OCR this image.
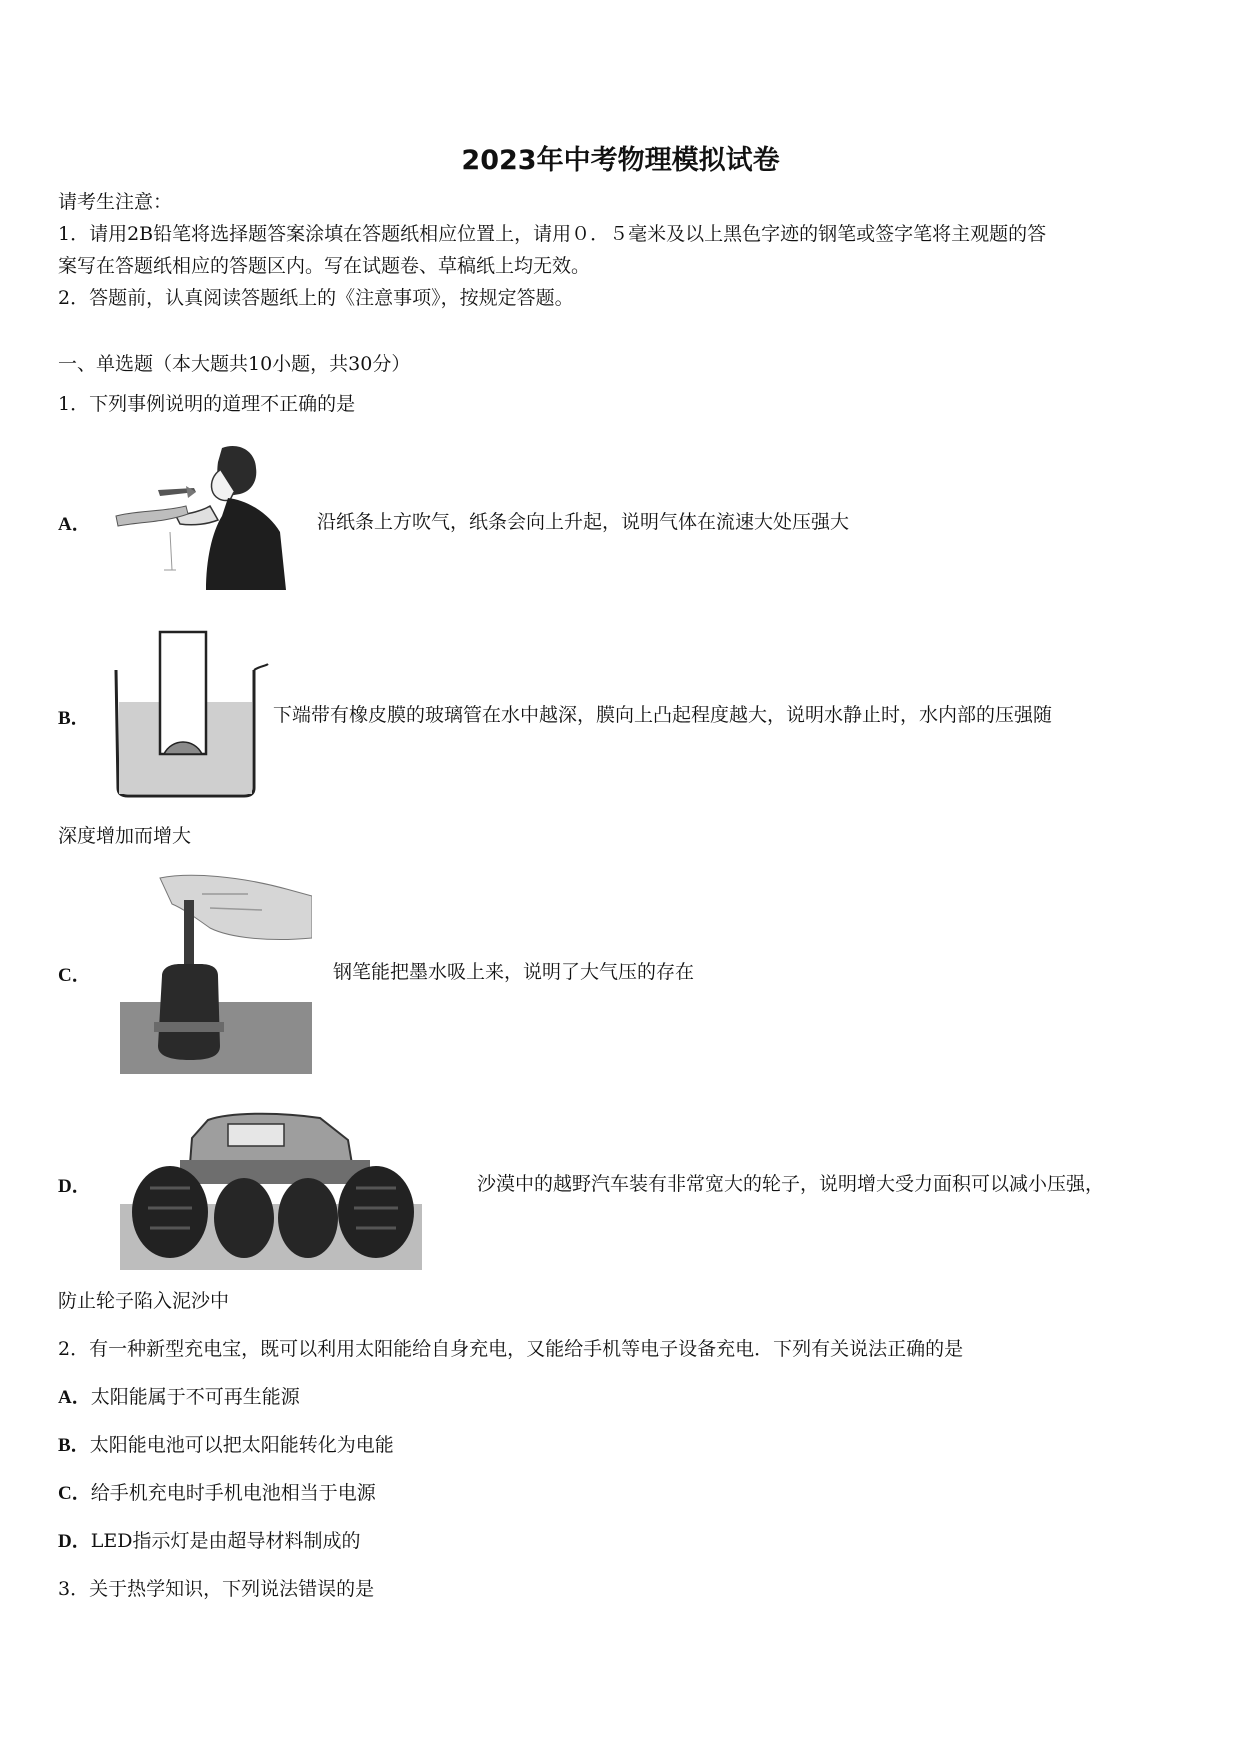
2023年中考物理模拟试卷
请考生注意：
1．请用2B铅笔将选择题答案涂填在答题纸相应位置上，请用０．５毫米及以上黑色字迹的钢笔或签字笔将主观题的答
案写在答题纸相应的答题区内。写在试题卷、草稿纸上均无效。
2．答题前，认真阅读答题纸上的《注意事项》，按规定答题。
一、单选题（本大题共10小题，共30分）
1．下列事例说明的道理不正确的是
A．	沿纸条上方吹气，纸条会向上升起，说明气体在流速大处压强大
B．	下端带有橡皮膜的玻璃管在水中越深，膜向上凸起程度越大，说明水静止时，水内部的压强随
深度增加而增大
C．	钢笔能把墨水吸上来，说明了大气压的存在
D．	沙漠中的越野汽车装有非常宽大的轮子，说明增大受力面积可以减小压强，
防止轮子陷入泥沙中
2．有一种新型充电宝，既可以利用太阳能给自身充电，又能给手机等电子设备充电．下列有关说法正确的是
A．太阳能属于不可再生能源
B．太阳能电池可以把太阳能转化为电能
C．给手机充电时手机电池相当于电源
D．LED指示灯是由超导材料制成的
3．关于热学知识，下列说法错误的是
